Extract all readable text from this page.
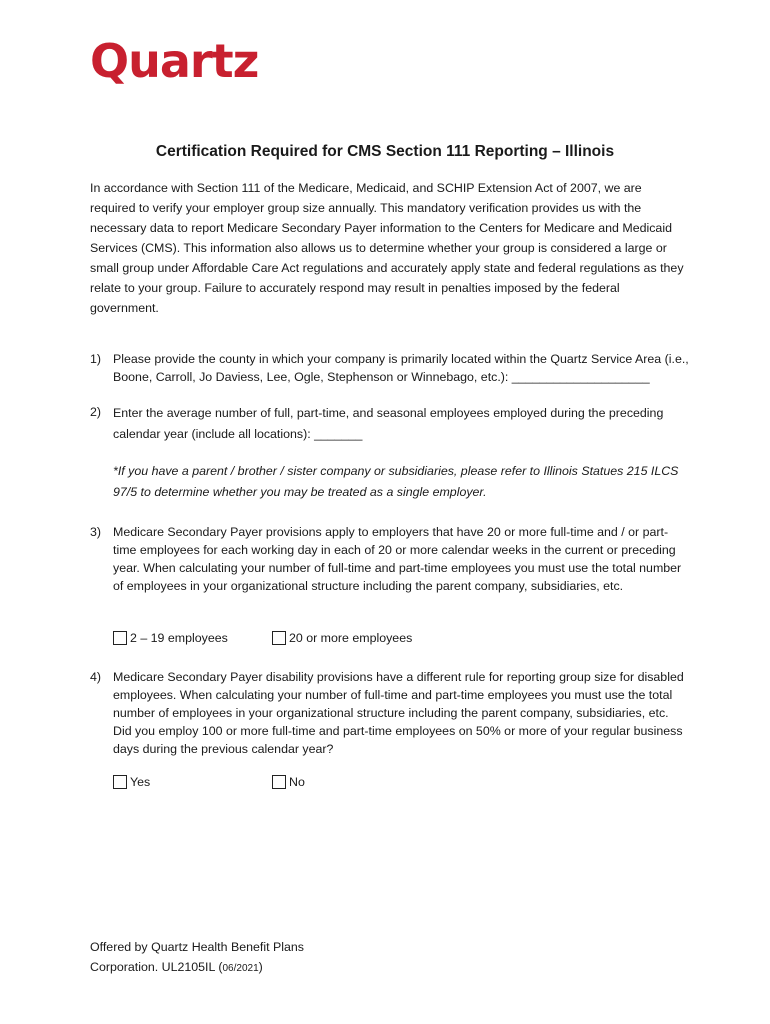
Quartz
Certification Required for CMS Section 111 Reporting – Illinois
In accordance with Section 111 of the Medicare, Medicaid, and SCHIP Extension Act of 2007, we are required to verify your employer group size annually. This mandatory verification provides us with the necessary data to report Medicare Secondary Payer information to the Centers for Medicare and Medicaid Services (CMS). This information also allows us to determine whether your group is considered a large or small group under Affordable Care Act regulations and accurately apply state and federal regulations as they relate to your group. Failure to accurately respond may result in penalties imposed by the federal government.
1) Please provide the county in which your company is primarily located within the Quartz Service Area (i.e., Boone, Carroll, Jo Daviess, Lee, Ogle, Stephenson or Winnebago, etc.): ____________________
2) Enter the average number of full, part-time, and seasonal employees employed during the preceding calendar year (include all locations): _______
*If you have a parent / brother / sister company or subsidiaries, please refer to Illinois Statues 215 ILCS 97/5 to determine whether you may be treated as a single employer.
3) Medicare Secondary Payer provisions apply to employers that have 20 or more full-time and / or part-time employees for each working day in each of 20 or more calendar weeks in the current or preceding year. When calculating your number of full-time and part-time employees you must use the total number of employees in your organizational structure including the parent company, subsidiaries, etc.
2 – 19 employees	20 or more employees
4) Medicare Secondary Payer disability provisions have a different rule for reporting group size for disabled employees. When calculating your number of full-time and part-time employees you must use the total number of employees in your organizational structure including the parent company, subsidiaries, etc. Did you employ 100 or more full-time and part-time employees on 50% or more of your regular business days during the previous calendar year?
Yes	No
Offered by Quartz Health Benefit Plans
Corporation. UL2105IL (06/2021)
